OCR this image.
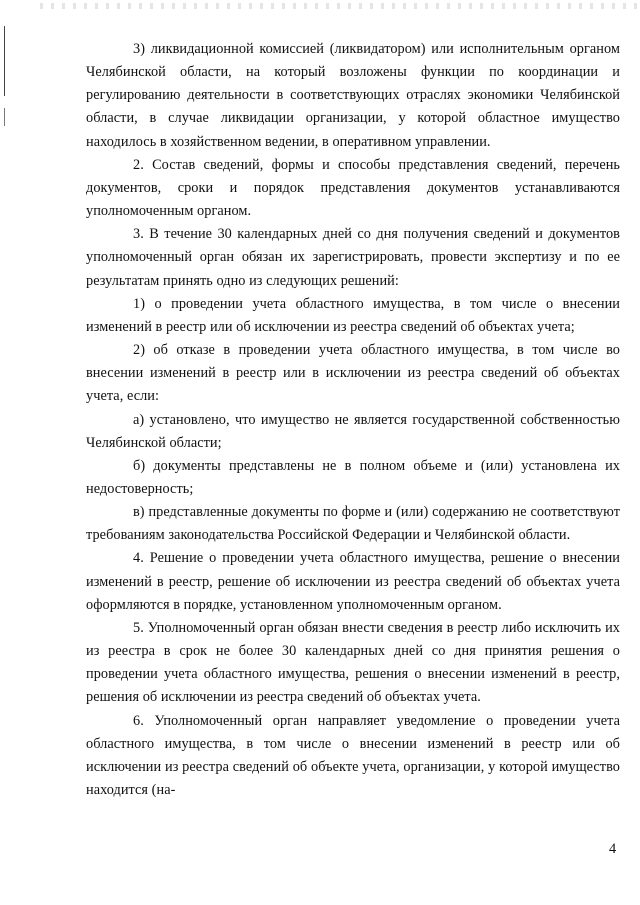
3) ликвидационной комиссией (ликвидатором) или исполнительным органом Челябинской области, на который возложены функции по координации и регулированию деятельности в соответствующих отраслях экономики Челябинской области, в случае ликвидации организации, у которой областное имущество находилось в хозяйственном ведении, в оперативном управлении.

2. Состав сведений, формы и способы представления сведений, перечень документов, сроки и порядок представления документов устанавливаются уполномоченным органом.

3. В течение 30 календарных дней со дня получения сведений и документов уполномоченный орган обязан их зарегистрировать, провести экспертизу и по ее результатам принять одно из следующих решений:

1) о проведении учета областного имущества, в том числе о внесении изменений в реестр или об исключении из реестра сведений об объектах учета;

2) об отказе в проведении учета областного имущества, в том числе во внесении изменений в реестр или в исключении из реестра сведений об объектах учета, если:

а) установлено, что имущество не является государственной собственностью Челябинской области;

б) документы представлены не в полном объеме и (или) установлена их недостоверность;

в) представленные документы по форме и (или) содержанию не соответствуют требованиям законодательства Российской Федерации и Челябинской области.

4. Решение о проведении учета областного имущества, решение о внесении изменений в реестр, решение об исключении из реестра сведений об объектах учета оформляются в порядке, установленном уполномоченным органом.

5. Уполномоченный орган обязан внести сведения в реестр либо исключить их из реестра в срок не более 30 календарных дней со дня принятия решения о проведении учета областного имущества, решения о внесении изменений в реестр, решения об исключении из реестра сведений об объектах учета.

6. Уполномоченный орган направляет уведомление о проведении учета областного имущества, в том числе о внесении изменений в реестр или об исключении из реестра сведений об объекте учета, организации, у которой имущество находится (на-

4
